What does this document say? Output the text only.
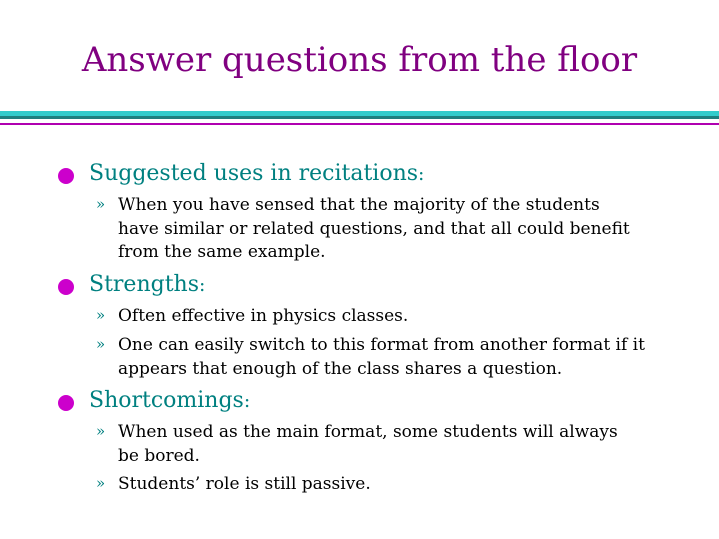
Answer questions from the floor
Suggested uses in recitations:
» When you have sensed that the majority of the students
have similar or related questions, and that all could benefit
from the same example.
Strengths:
» Often effective in physics classes.
» One can easily switch to this format from another format if it
appears that enough of the class shares a question.
Shortcomings:
» When used as the main format, some students will always
be bored.
» Students’ role is still passive.
